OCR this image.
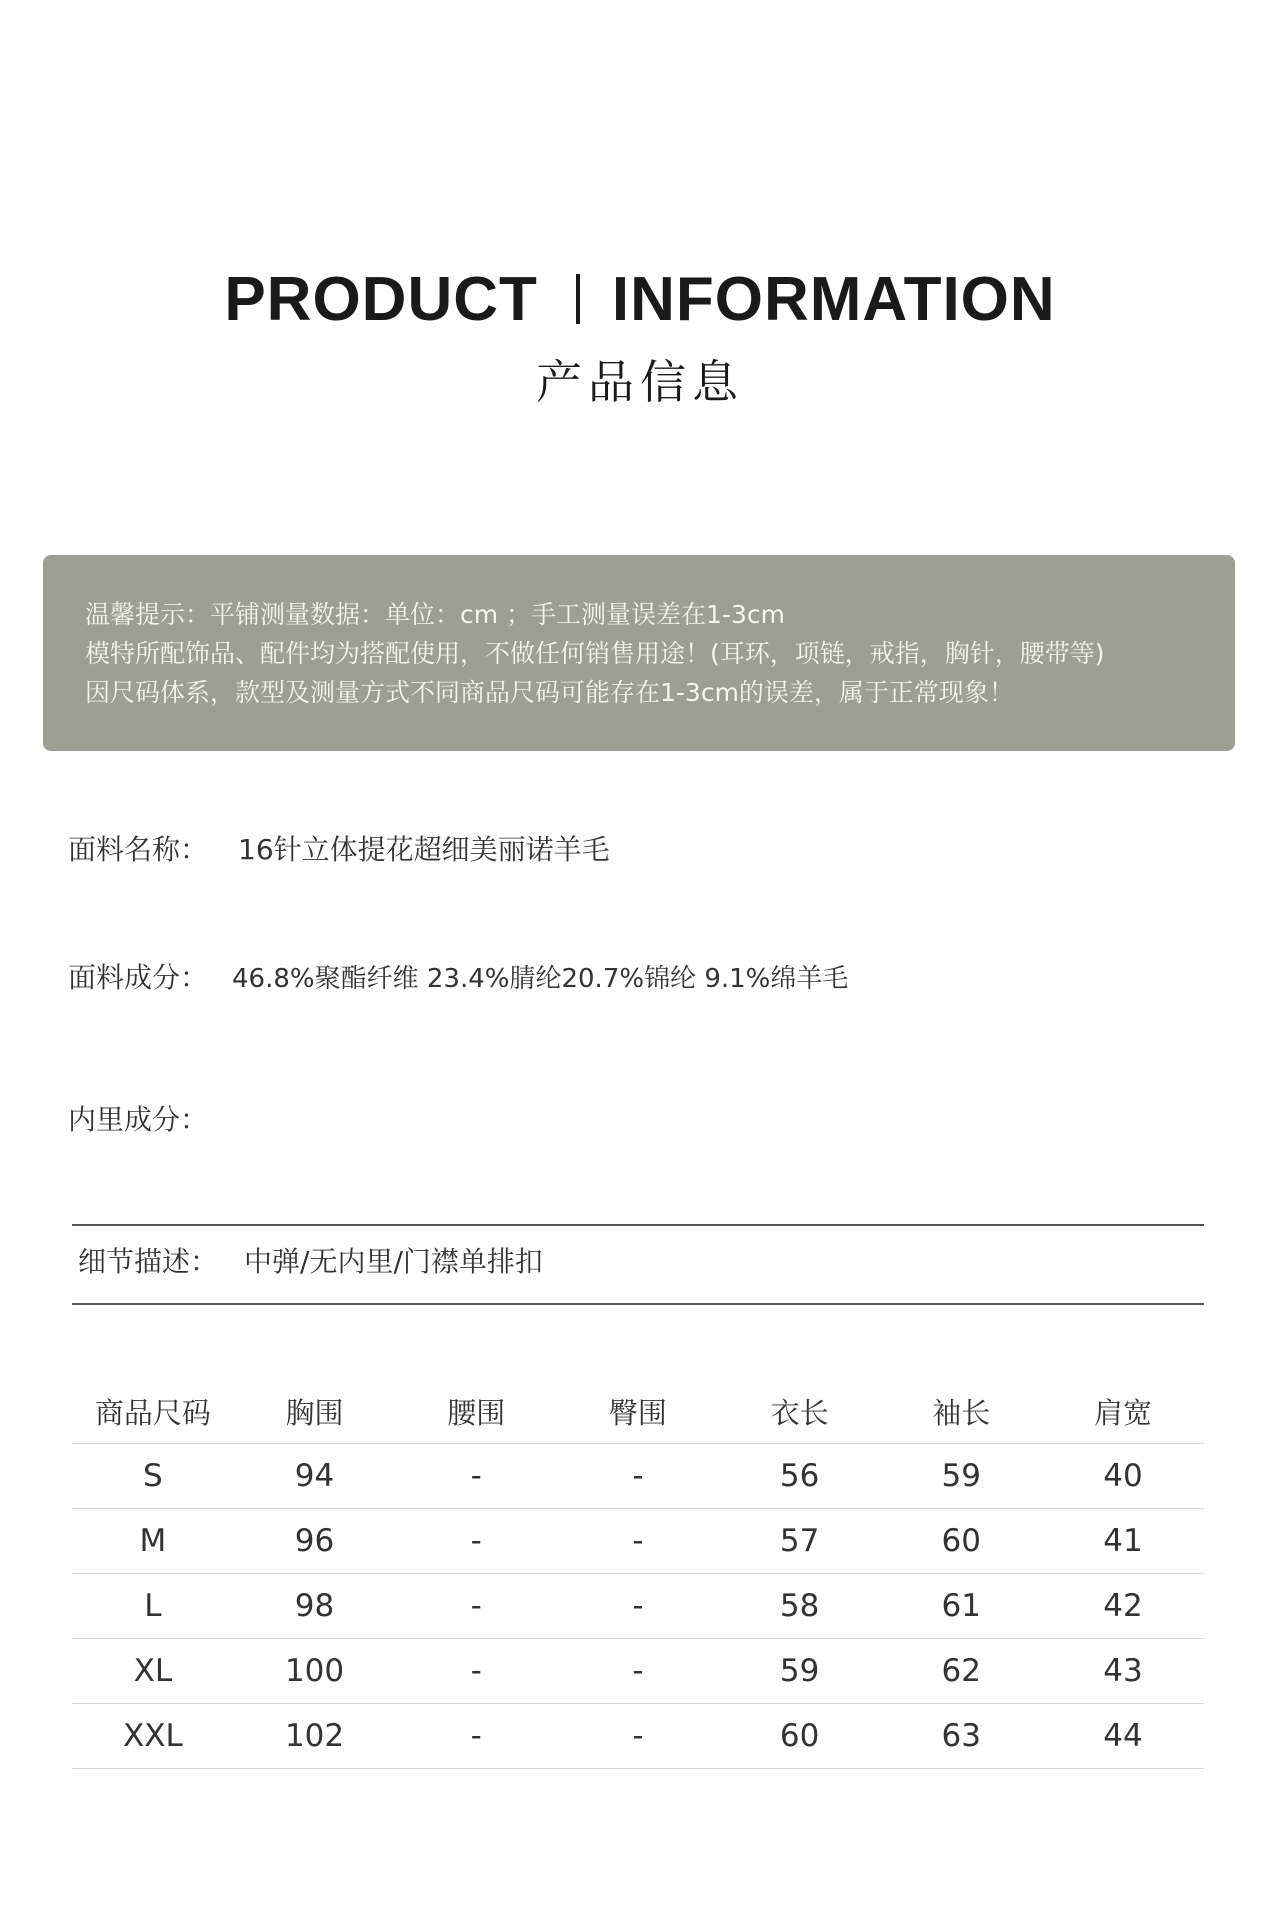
PRODUCT INFORMATION
产品信息
温馨提示：平铺测量数据：单位：cm ；手工测量误差在1-3cm
模特所配饰品、配件均为搭配使用，不做任何销售用途！(耳环，项链，戒指，胸针，腰带等)
因尺码体系，款型及测量方式不同商品尺码可能存在1-3cm的误差，属于正常现象！
面料名称： 16针立体提花超细美丽诺羊毛
面料成分： 46.8%聚酯纤维 23.4%腈纶20.7%锦纶 9.1%绵羊毛
内里成分：
细节描述： 中弹/无内里/门襟单排扣
商品尺码	胸围	腰围	臀围	衣长	袖长	肩宽
S	94	-	-	56	59	40
M	96	-	-	57	60	41
L	98	-	-	58	61	42
XL	100	-	-	59	62	43
XXL	102	-	-	60	63	44
